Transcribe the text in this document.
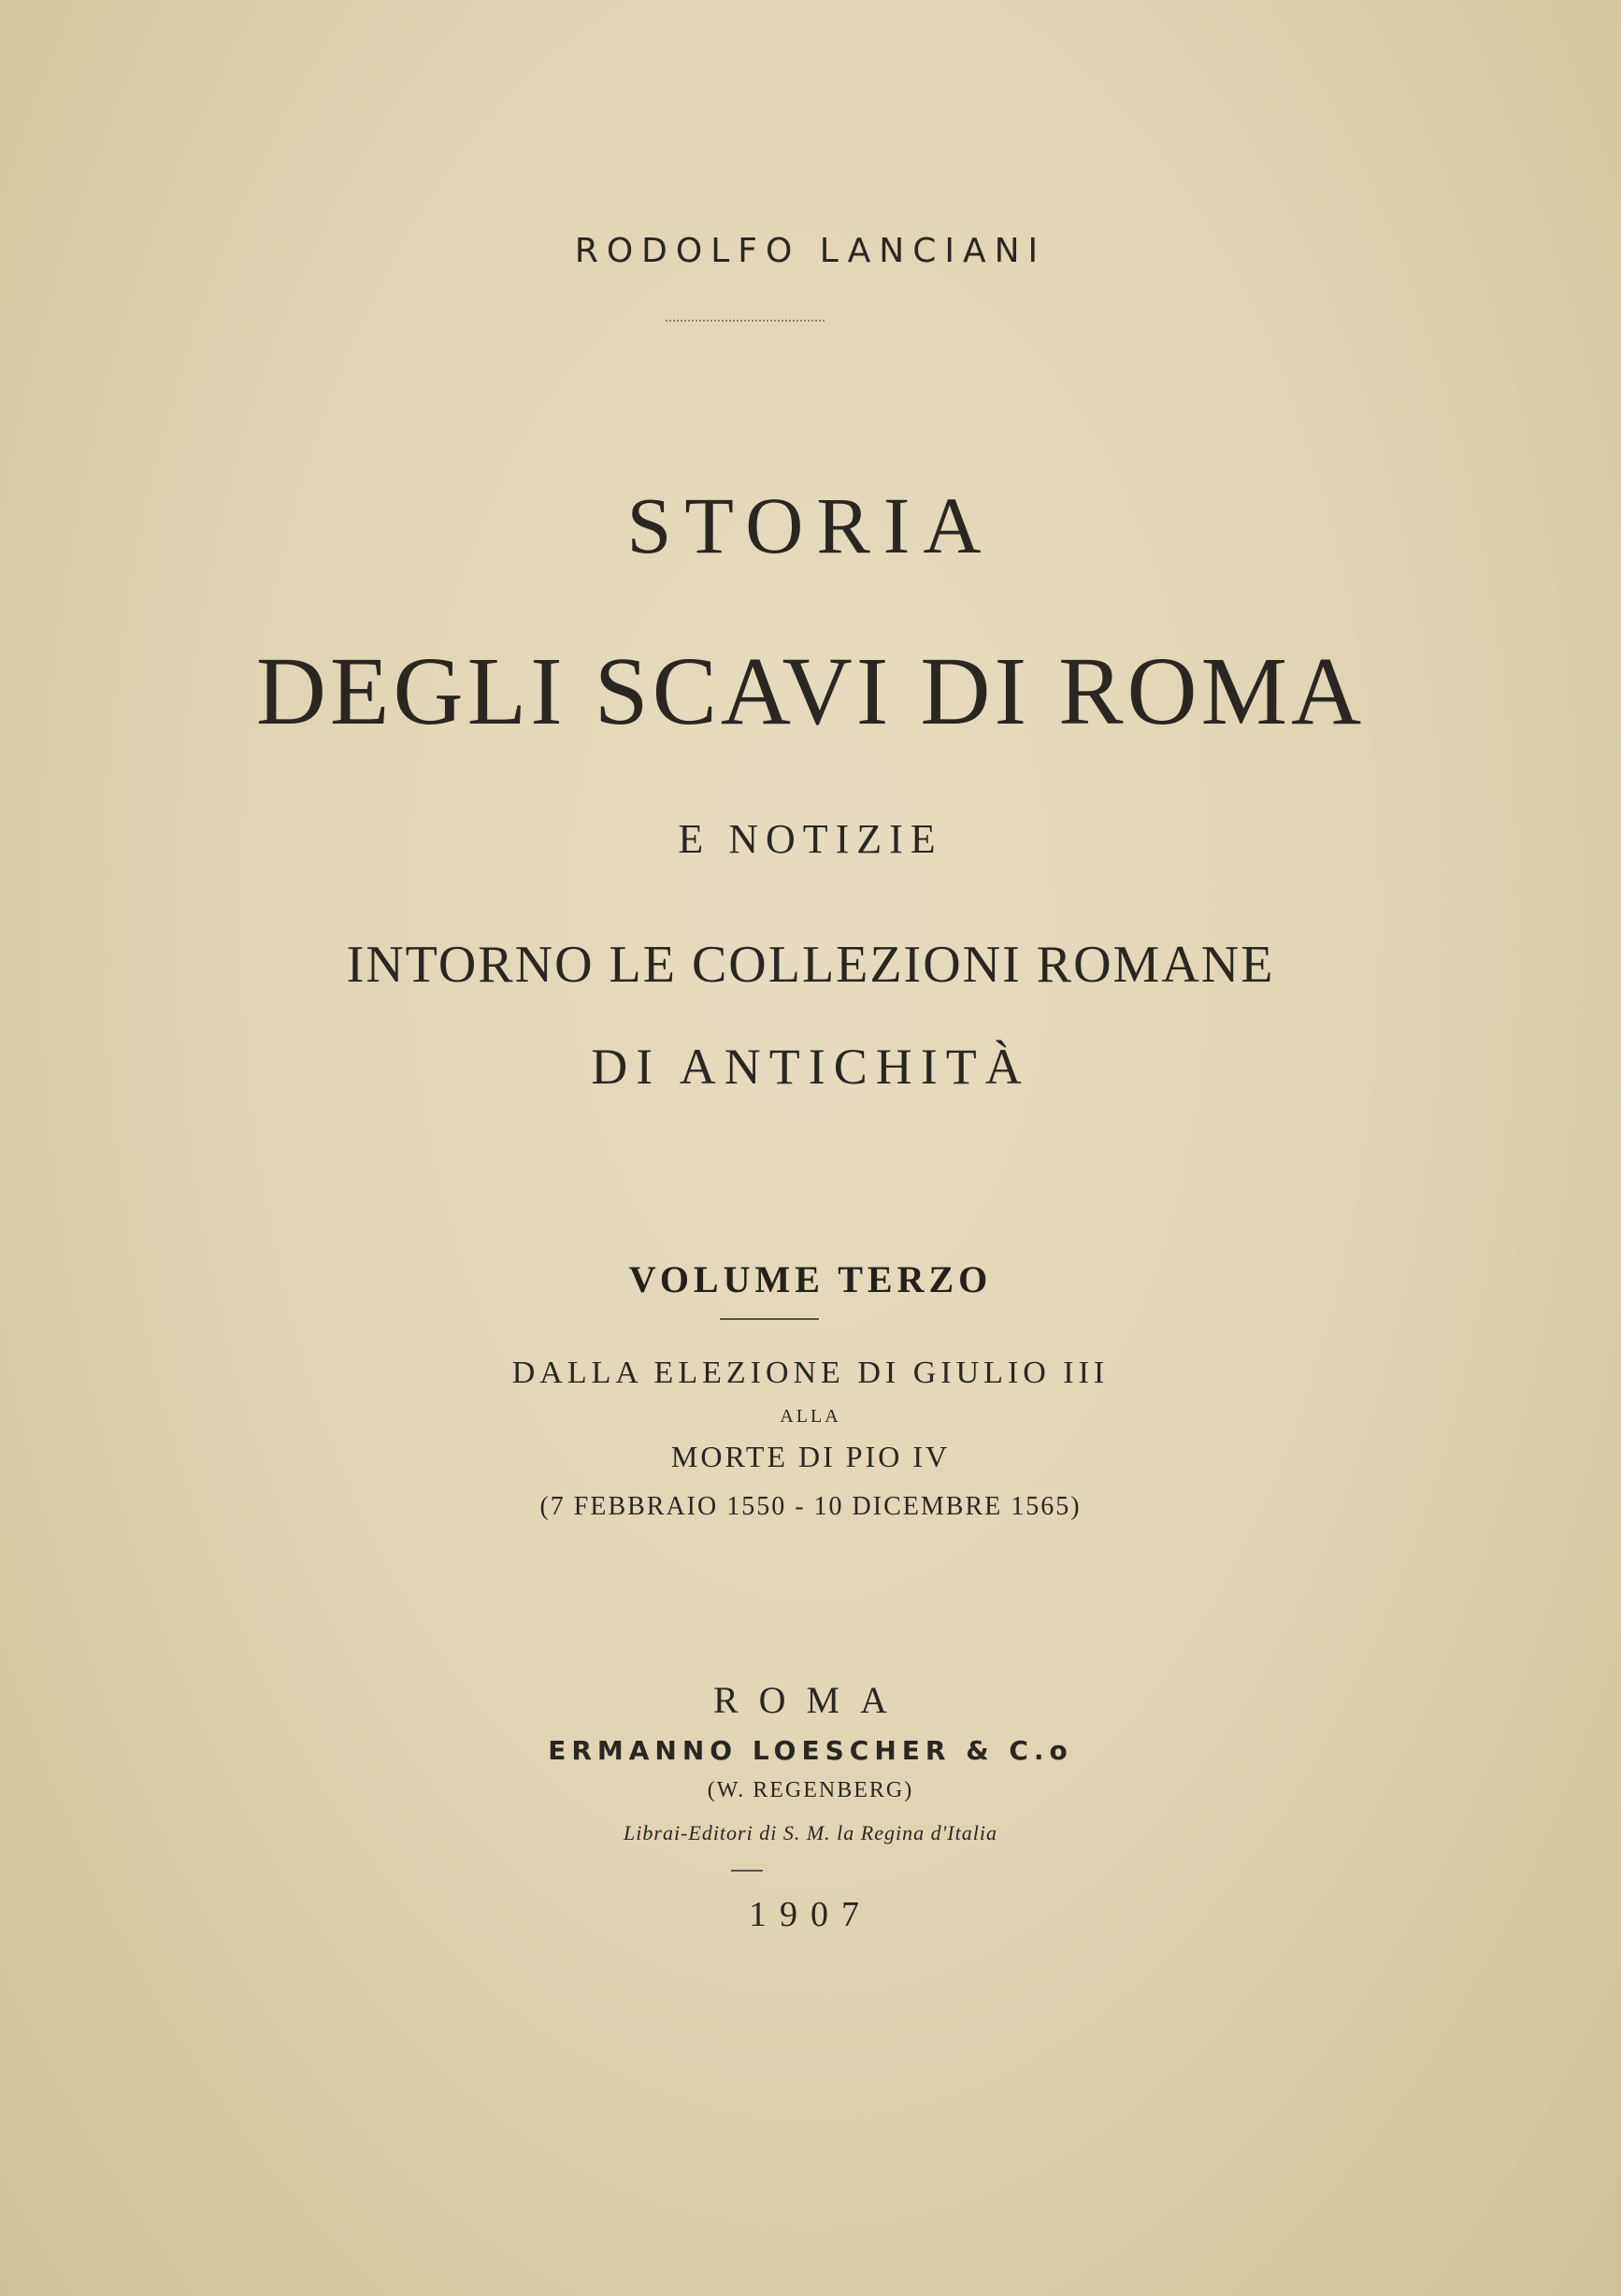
RODOLFO LANCIANI
STORIA
DEGLI SCAVI DI ROMA
E NOTIZIE
INTORNO LE COLLEZIONI ROMANE
DI ANTICHITÀ
VOLUME TERZO
DALLA ELEZIONE DI GIULIO III
ALLA
MORTE DI PIO IV
(7 FEBBRAIO 1550 - 10 DICEMBRE 1565)
ROMA
ERMANNO LOESCHER & C.o
(W. REGENBERG)
Librai-Editori di S. M. la Regina d'Italia
1907
